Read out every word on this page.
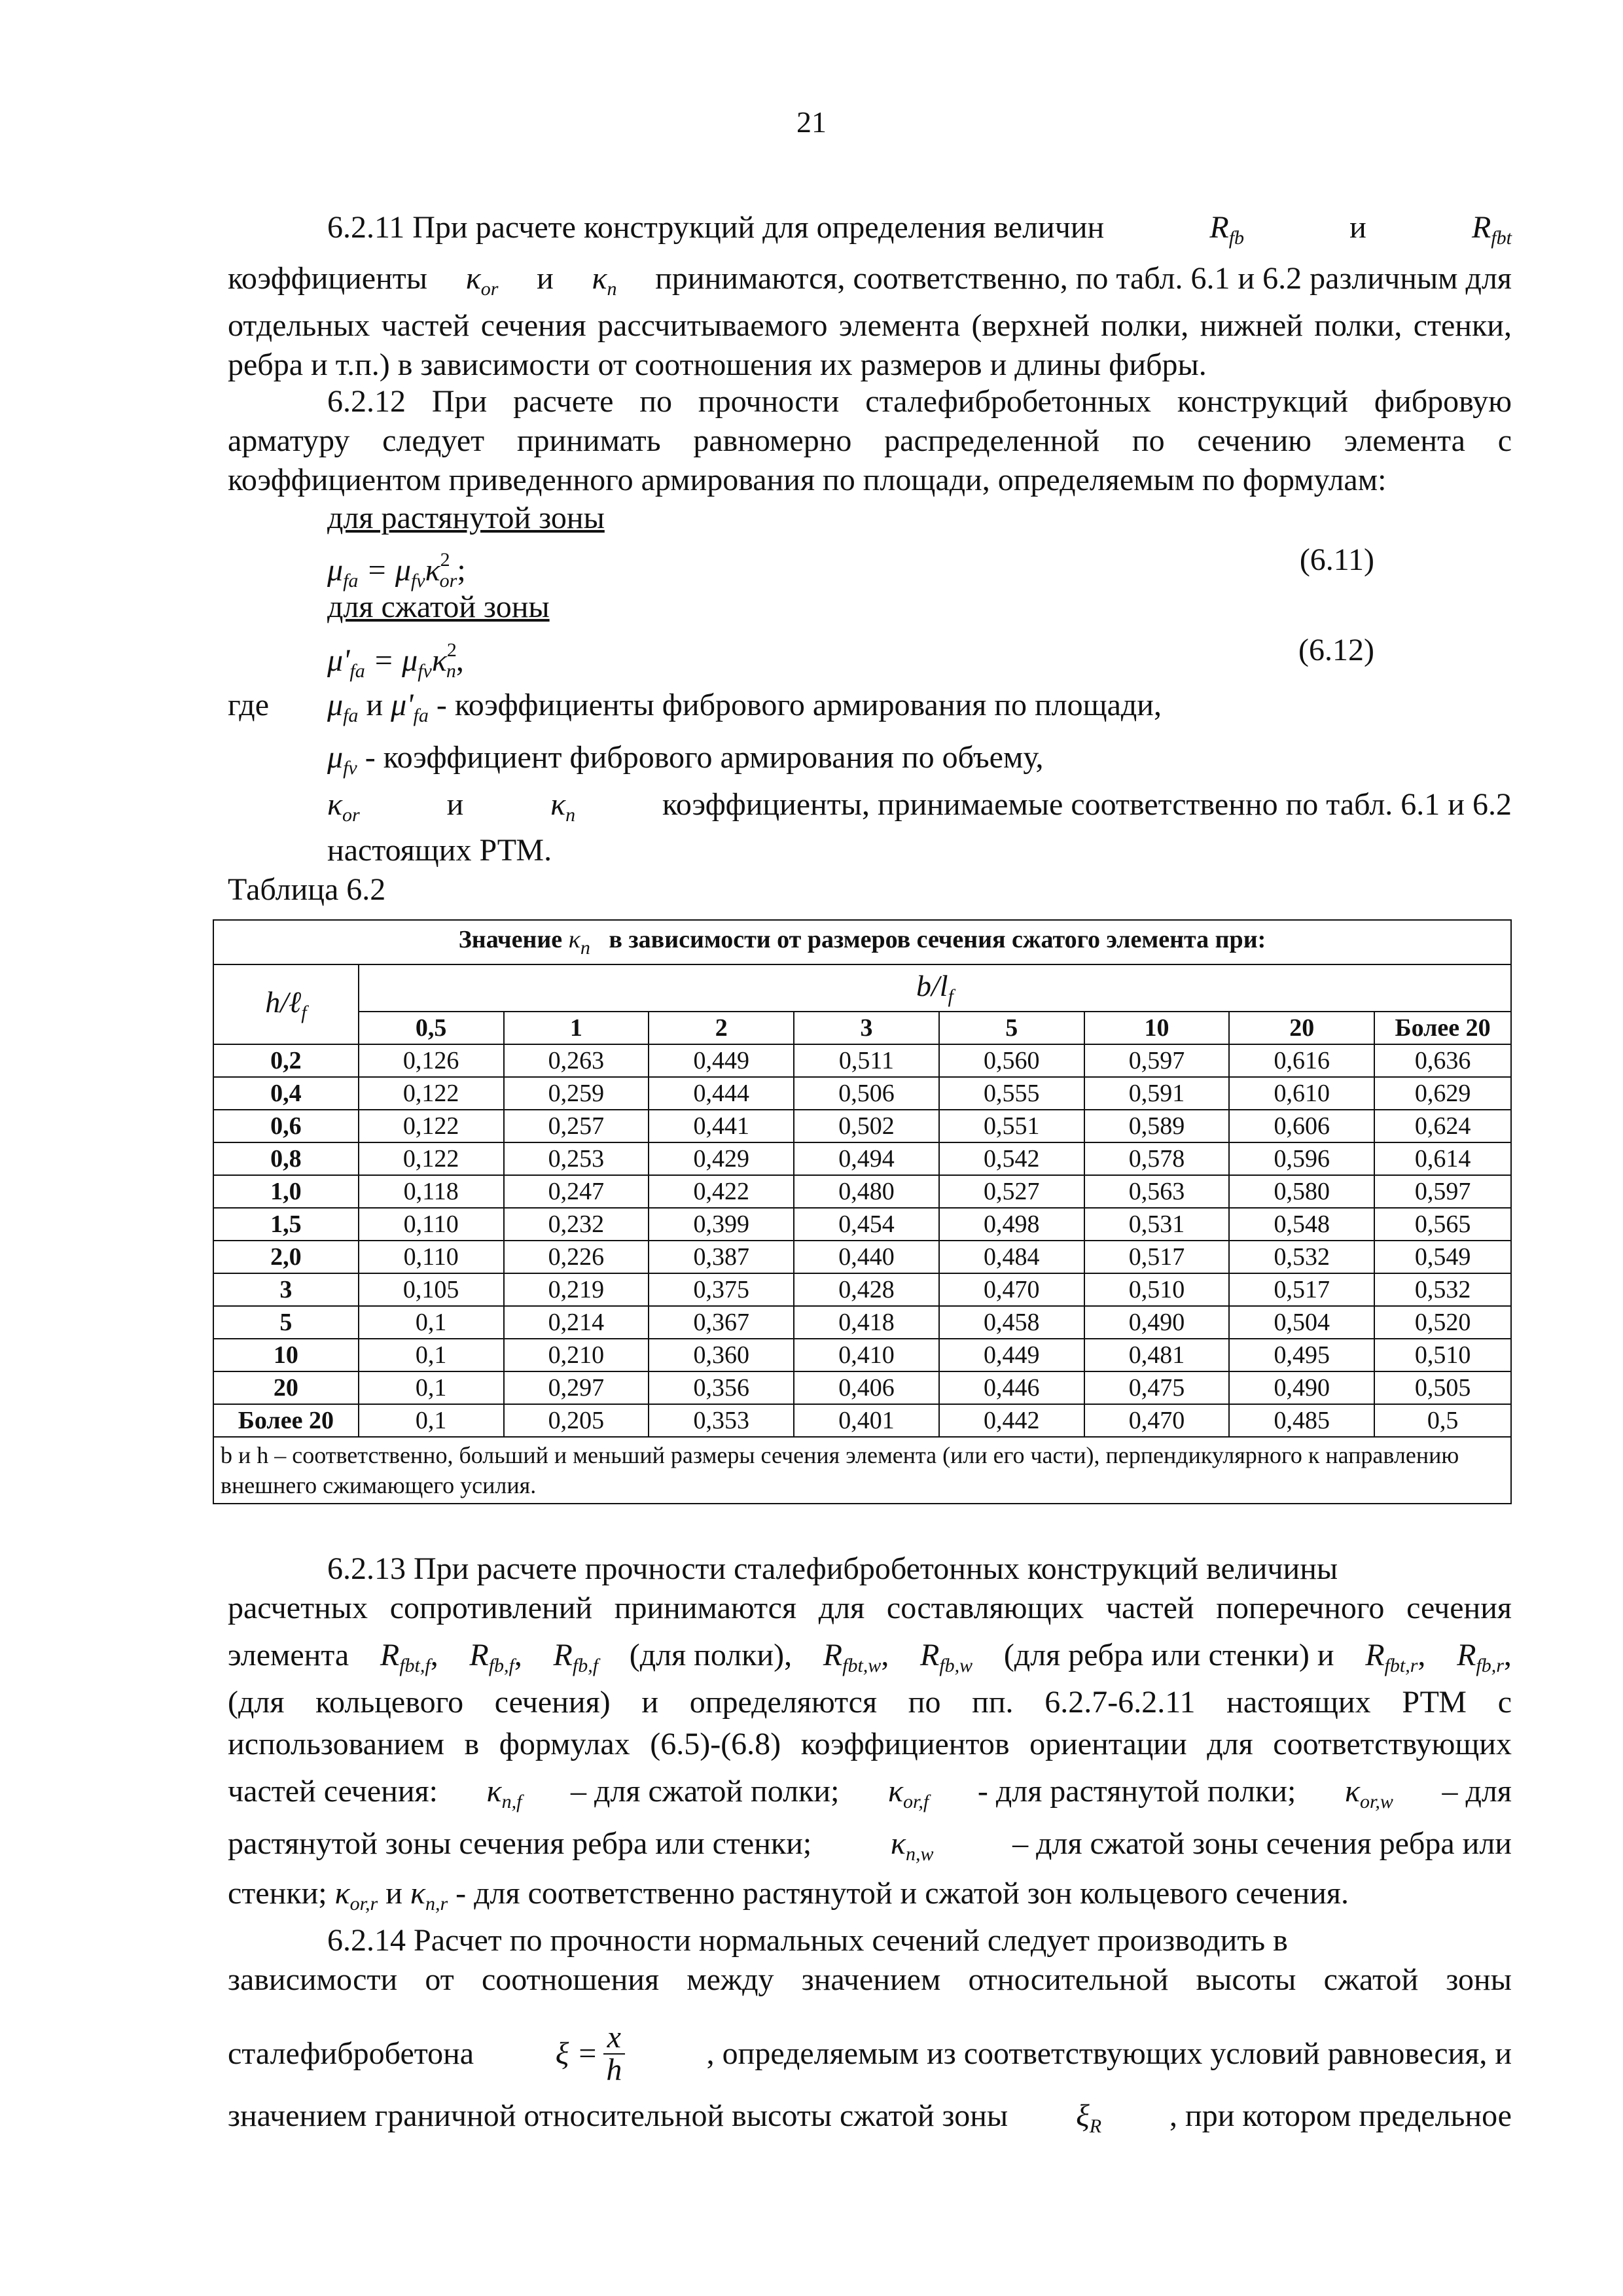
21
6.2.11 При расчете конструкций для определения величин	$R_{fb}$	и	$R_{fbt}$
коэффициенты $\kappa_{or}$ и $\kappa_n$ принимаются, соответственно, по табл. 6.1 и 6.2 различным для
отдельных частей сечения рассчитываемого элемента (верхней полки, нижней полки, стенки, ребра и т.п.) в зависимости от соотношения их размеров и длины фибры.
6.2.12 При расчете по прочности сталефибробетонных конструкций фибровую арматуру следует принимать равномерно распределенной по сечению элемента с коэффициентом приведенного армирования по площади, определяемым по формулам:
для растянутой зоны
$\mu_{fa} = \mu_{fv}\kappa^2_{or}$;	(6.11)
для сжатой зоны
$\mu'_{fa} = \mu_{fv}\kappa^2_n$,	(6.12)
где $\mu_{fa}$ и $\mu'_{fa}$ - коэффициенты фибрового армирования по площади,
$\mu_{fv}$ - коэффициент фибрового армирования по объему,
$\kappa_{or}$	и	$\kappa_n$	коэффициенты, принимаемые соответственно по табл. 6.1 и 6.2
настоящих РТМ.
Таблица 6.2
Значение $\kappa_n$ в зависимости от размеров сечения сжатого элемента при:								
h/ℓ$_f$	$b/l_f$
	0,5	1	2	3	5	10	20	Более 20
0,2	0,126	0,263	0,449	0,511	0,560	0,597	0,616	0,636
0,4	0,122	0,259	0,444	0,506	0,555	0,591	0,610	0,629
0,6	0,122	0,257	0,441	0,502	0,551	0,589	0,606	0,624
0,8	0,122	0,253	0,429	0,494	0,542	0,578	0,596	0,614
1,0	0,118	0,247	0,422	0,480	0,527	0,563	0,580	0,597
1,5	0,110	0,232	0,399	0,454	0,498	0,531	0,548	0,565
2,0	0,110	0,226	0,387	0,440	0,484	0,517	0,532	0,549
3	0,105	0,219	0,375	0,428	0,470	0,510	0,517	0,532
5	0,1	0,214	0,367	0,418	0,458	0,490	0,504	0,520
10	0,1	0,210	0,360	0,410	0,449	0,481	0,495	0,510
20	0,1	0,297	0,356	0,406	0,446	0,475	0,490	0,505
Более 20	0,1	0,205	0,353	0,401	0,442	0,470	0,485	0,5
b и h – соответственно, больший и меньший размеры сечения элемента (или его части), перпендикулярного к направлению внешнего сжимающего усилия.								
6.2.13 При расчете прочности сталефибробетонных конструкций величины
расчетных сопротивлений принимаются для составляющих частей поперечного сечения
элемента $R_{fbt,f}$, $R_{fb,f}$, $R_{fb,f}$ (для полки), $R_{fbt,w}$, $R_{fb,w}$ (для ребра или стенки) и $R_{fbt,r}$, $R_{fb,r}$,
(для кольцевого сечения) и определяются по пп. 6.2.7-6.2.11 настоящих РТМ с
использованием в формулах (6.5)-(6.8) коэффициентов ориентации для соответствующих
частей сечения: $\kappa_{n,f}$ – для сжатой полки; $\kappa_{or,f}$ - для растянутой полки; $\kappa_{or,w}$ – для
растянутой зоны сечения ребра или стенки;	$\kappa_{n,w}$	– для сжатой зоны сечения ребра или
стенки; $\kappa_{or,r}$ и $\kappa_{n,r}$ - для соответственно растянутой и сжатой зон кольцевого сечения.
6.2.14 Расчет по прочности нормальных сечений следует производить в
зависимости от соотношения между значением относительной высоты сжатой зоны
сталефибробетона	$\xi = \frac{x}{h}$	, определяемым из соответствующих условий равновесия, и
значением граничной относительной высоты сжатой зоны $\xi_R$ , при котором предельное
